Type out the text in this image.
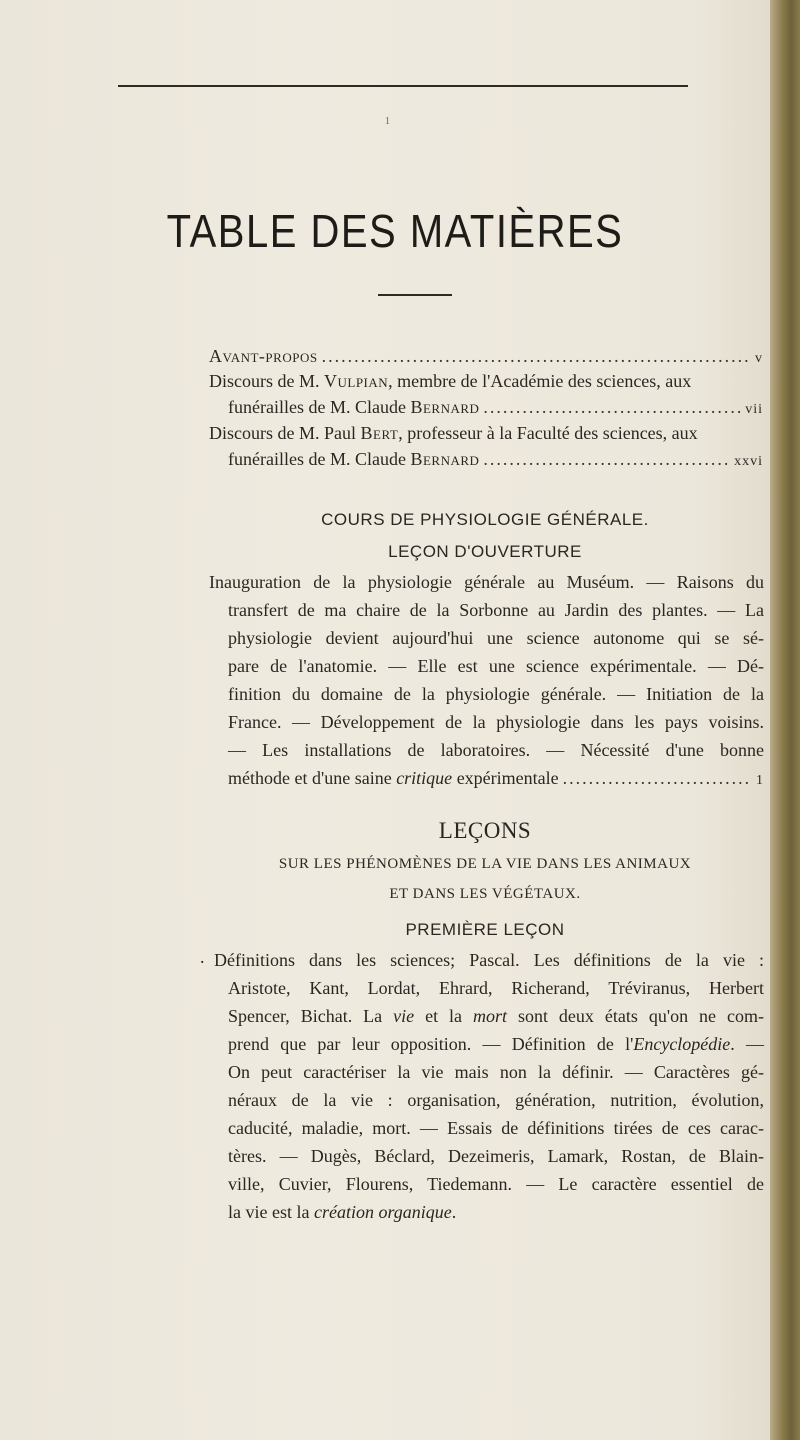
1
TABLE DES MATIÈRES
Avant-propos .....	v
Discours de M. Vulpian, membre de l'Académie des sciences, aux
funérailles de M. Claude Bernard .....	vii
Discours de M. Paul Bert, professeur à la Faculté des sciences, aux
funérailles de M. Claude Bernard .....	xxvi
COURS DE PHYSIOLOGIE GÉNÉRALE.
LEÇON D'OUVERTURE
Inauguration de la physiologie générale au Muséum. — Raisons du
transfert de ma chaire de la Sorbonne au Jardin des plantes. — La
physiologie devient aujourd'hui une science autonome qui se sé-
pare de l'anatomie. — Elle est une science expérimentale. — Dé-
finition du domaine de la physiologie générale. — Initiation de la
France. — Développement de la physiologie dans les pays voisins.
— Les installations de laboratoires. — Nécessité d'une bonne
méthode et d'une saine critique expérimentale .....	1
LEÇONS
SUR LES PHÉNOMÈNES DE LA VIE DANS LES ANIMAUX
ET DANS LES VÉGÉTAUX.
PREMIÈRE LEÇON
. Définitions dans les sciences; Pascal. Les définitions de la vie :
Aristote, Kant, Lordat, Ehrard, Richerand, Tréviranus, Herbert
Spencer, Bichat. La vie et la mort sont deux états qu'on ne com-
prend que par leur opposition. — Définition de l'Encyclopédie. —
On peut caractériser la vie mais non la définir. — Caractères gé-
néraux de la vie : organisation, génération, nutrition, évolution,
caducité, maladie, mort. — Essais de définitions tirées de ces carac-
tères. — Dugès, Béclard, Dezeimeris, Lamark, Rostan, de Blain-
ville, Cuvier, Flourens, Tiedemann. — Le caractère essentiel de
la vie est la création organique.
